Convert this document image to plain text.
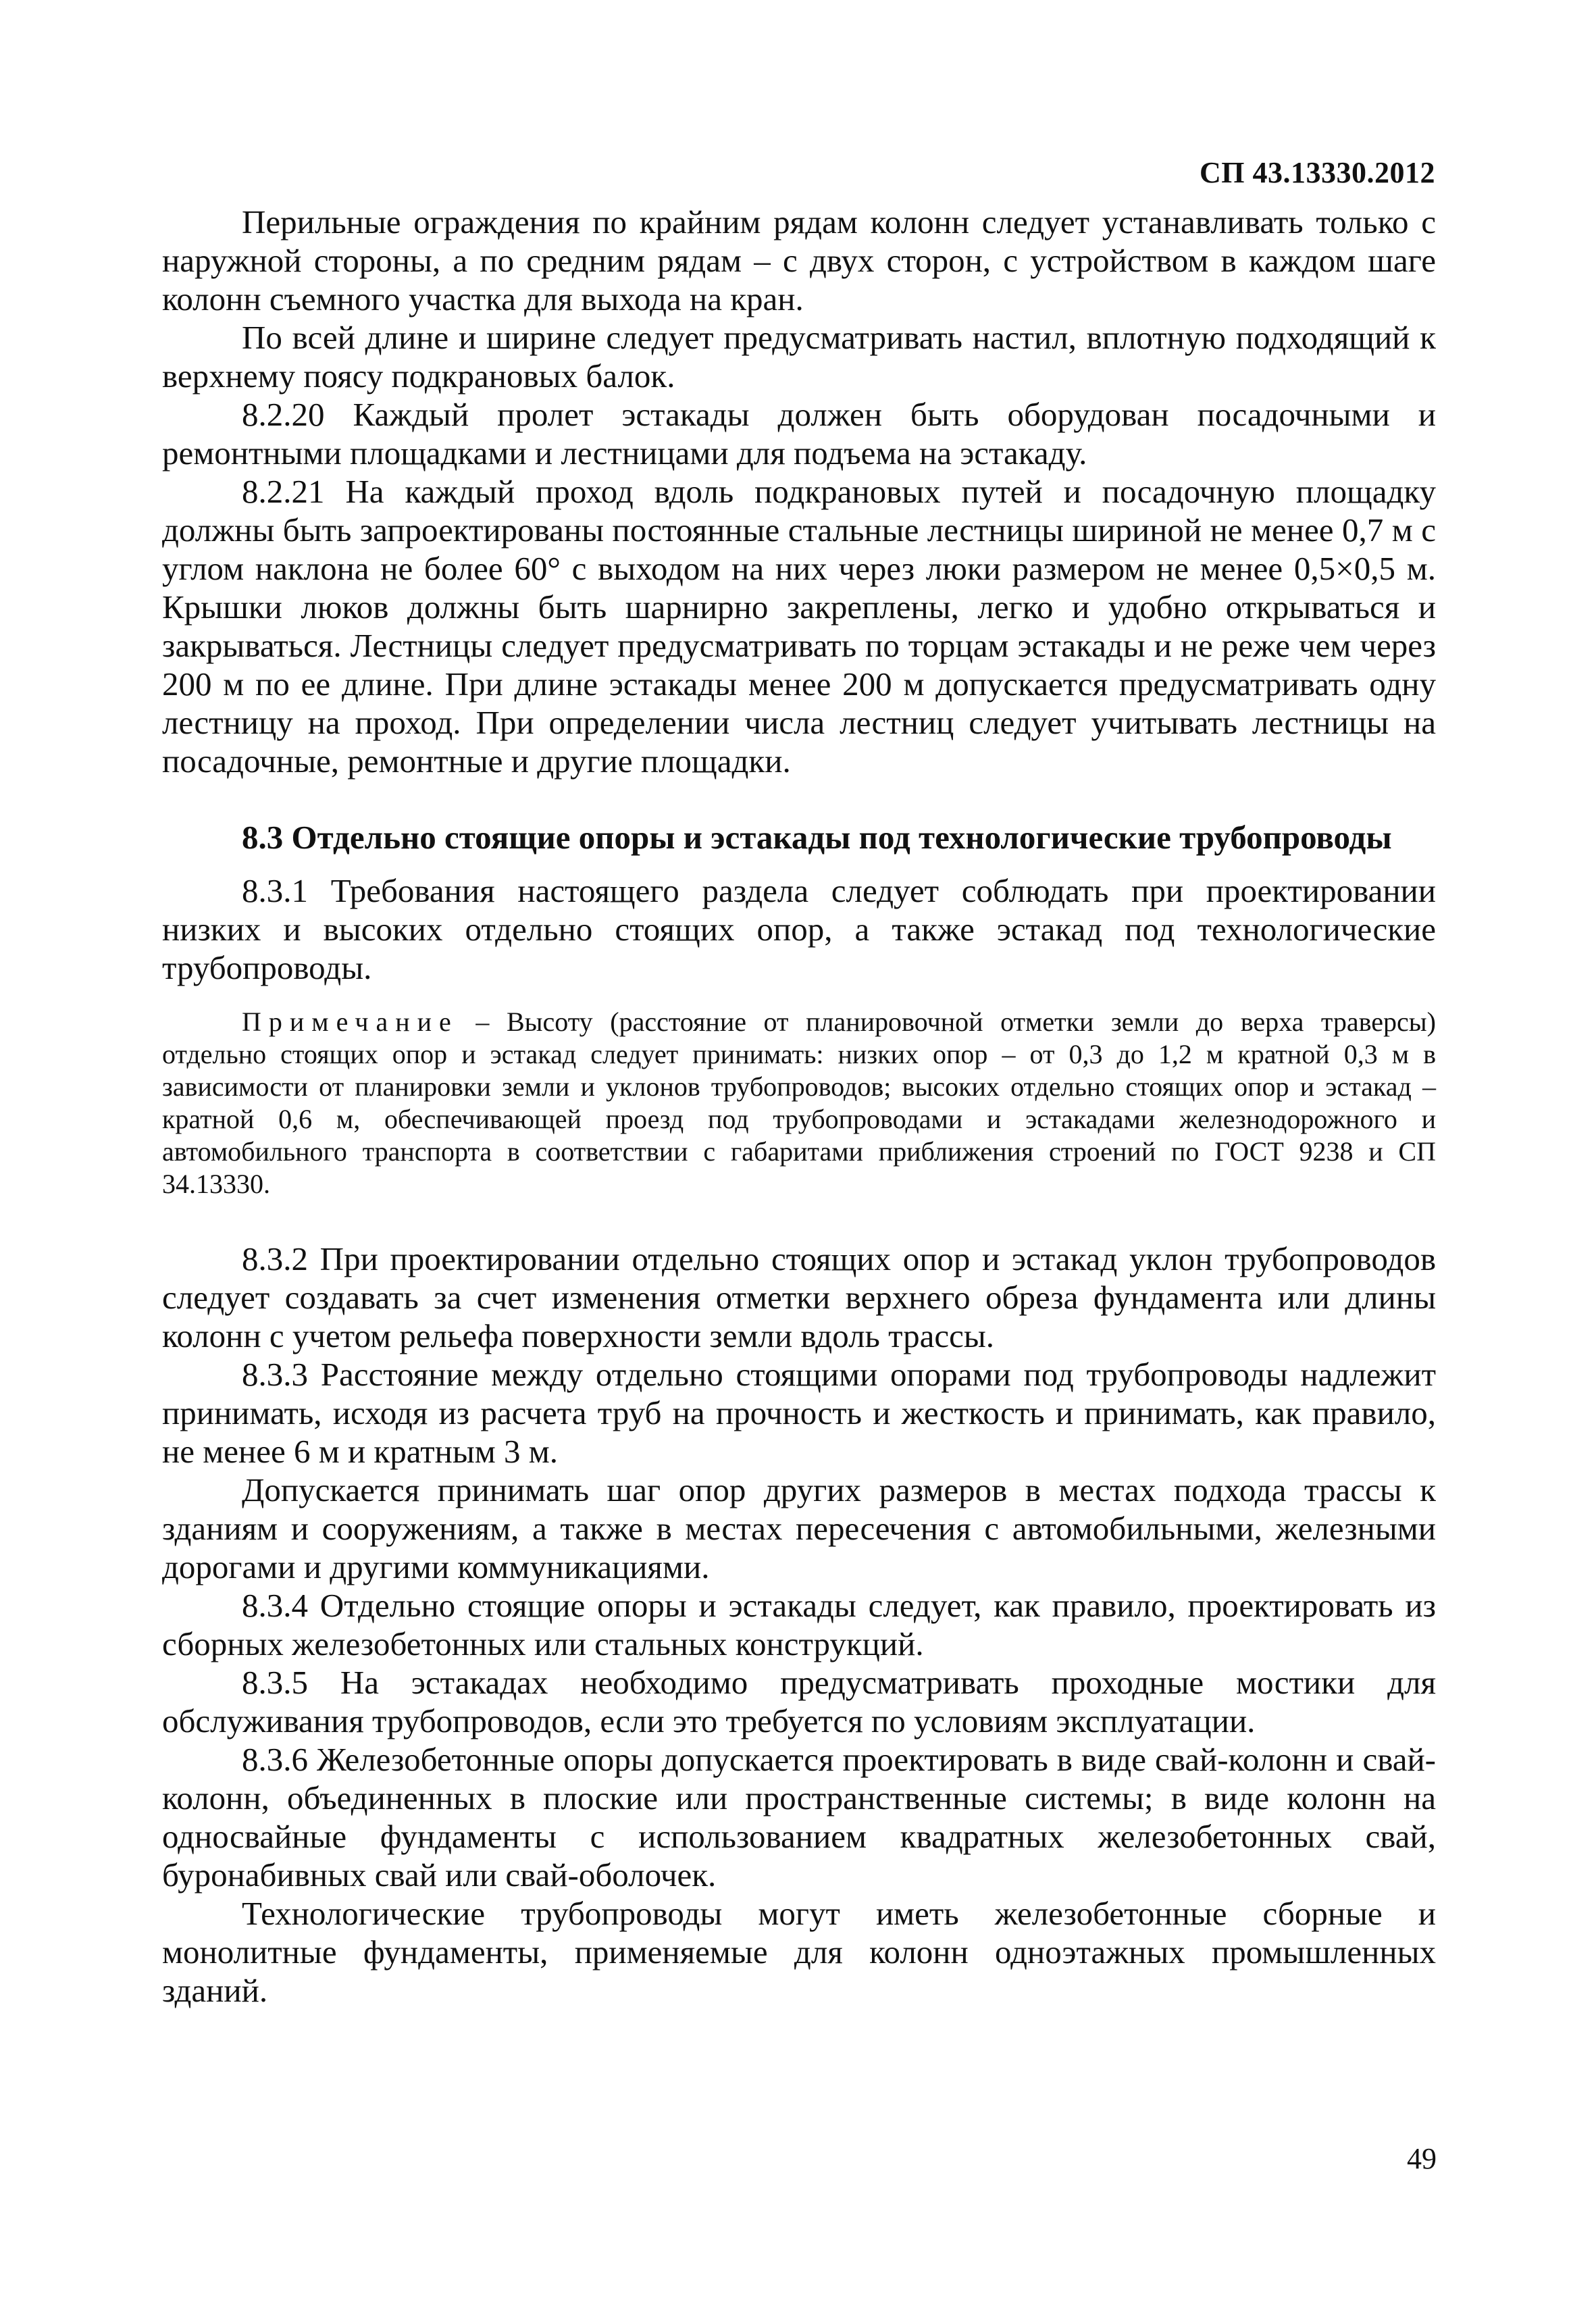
СП 43.13330.2012

Перильные ограждения по крайним рядам колонн следует устанавливать только с наружной стороны, а по средним рядам – с двух сторон, с устройством в каждом шаге колонн съемного участка для выхода на кран.

По всей длине и ширине следует предусматривать настил, вплотную подходящий к верхнему поясу подкрановых балок.

8.2.20 Каждый пролет эстакады должен быть оборудован посадочными и ремонтными площадками и лестницами для подъема на эстакаду.

8.2.21 На каждый проход вдоль подкрановых путей и посадочную площадку должны быть запроектированы постоянные стальные лестницы шириной не менее 0,7 м с углом наклона не более 60° с выходом на них через люки размером не менее 0,5×0,5 м. Крышки люков должны быть шарнирно закреплены, легко и удобно открываться и закрываться. Лестницы следует предусматривать по торцам эстакады и не реже чем через 200 м по ее длине. При длине эстакады менее 200 м допускается предусматривать одну лестницу на проход. При определении числа лестниц следует учитывать лестницы на посадочные, ремонтные и другие площадки.

8.3 Отдельно стоящие опоры и эстакады под технологические трубопроводы

8.3.1 Требования настоящего раздела следует соблюдать при проектировании низких и высоких отдельно стоящих опор, а также эстакад под технологические трубопроводы.

Примечание – Высоту (расстояние от планировочной отметки земли до верха траверсы) отдельно стоящих опор и эстакад следует принимать: низких опор – от 0,3 до 1,2 м кратной 0,3 м в зависимости от планировки земли и уклонов трубопроводов; высоких отдельно стоящих опор и эстакад – кратной 0,6 м, обеспечивающей проезд под трубопроводами и эстакадами железнодорожного и автомобильного транспорта в соответствии с габаритами приближения строений по ГОСТ 9238 и СП 34.13330.

8.3.2 При проектировании отдельно стоящих опор и эстакад уклон трубопроводов следует создавать за счет изменения отметки верхнего обреза фундамента или длины колонн с учетом рельефа поверхности земли вдоль трассы.

8.3.3 Расстояние между отдельно стоящими опорами под трубопроводы надлежит принимать, исходя из расчета труб на прочность и жесткость и принимать, как правило, не менее 6 м и кратным 3 м.

Допускается принимать шаг опор других размеров в местах подхода трассы к зданиям и сооружениям, а также в местах пересечения с автомобильными, железными дорогами и другими коммуникациями.

8.3.4 Отдельно стоящие опоры и эстакады следует, как правило, проектировать из сборных железобетонных или стальных конструкций.

8.3.5 На эстакадах необходимо предусматривать проходные мостики для обслуживания трубопроводов, если это требуется по условиям эксплуатации.

8.3.6 Железобетонные опоры допускается проектировать в виде свай-колонн и свай-колонн, объединенных в плоские или пространственные системы; в виде колонн на односвайные фундаменты с использованием квадратных железобетонных свай, буронабивных свай или свай-оболочек.

Технологические трубопроводы могут иметь железобетонные сборные и монолитные фундаменты, применяемые для колонн одноэтажных промышленных зданий.

49
